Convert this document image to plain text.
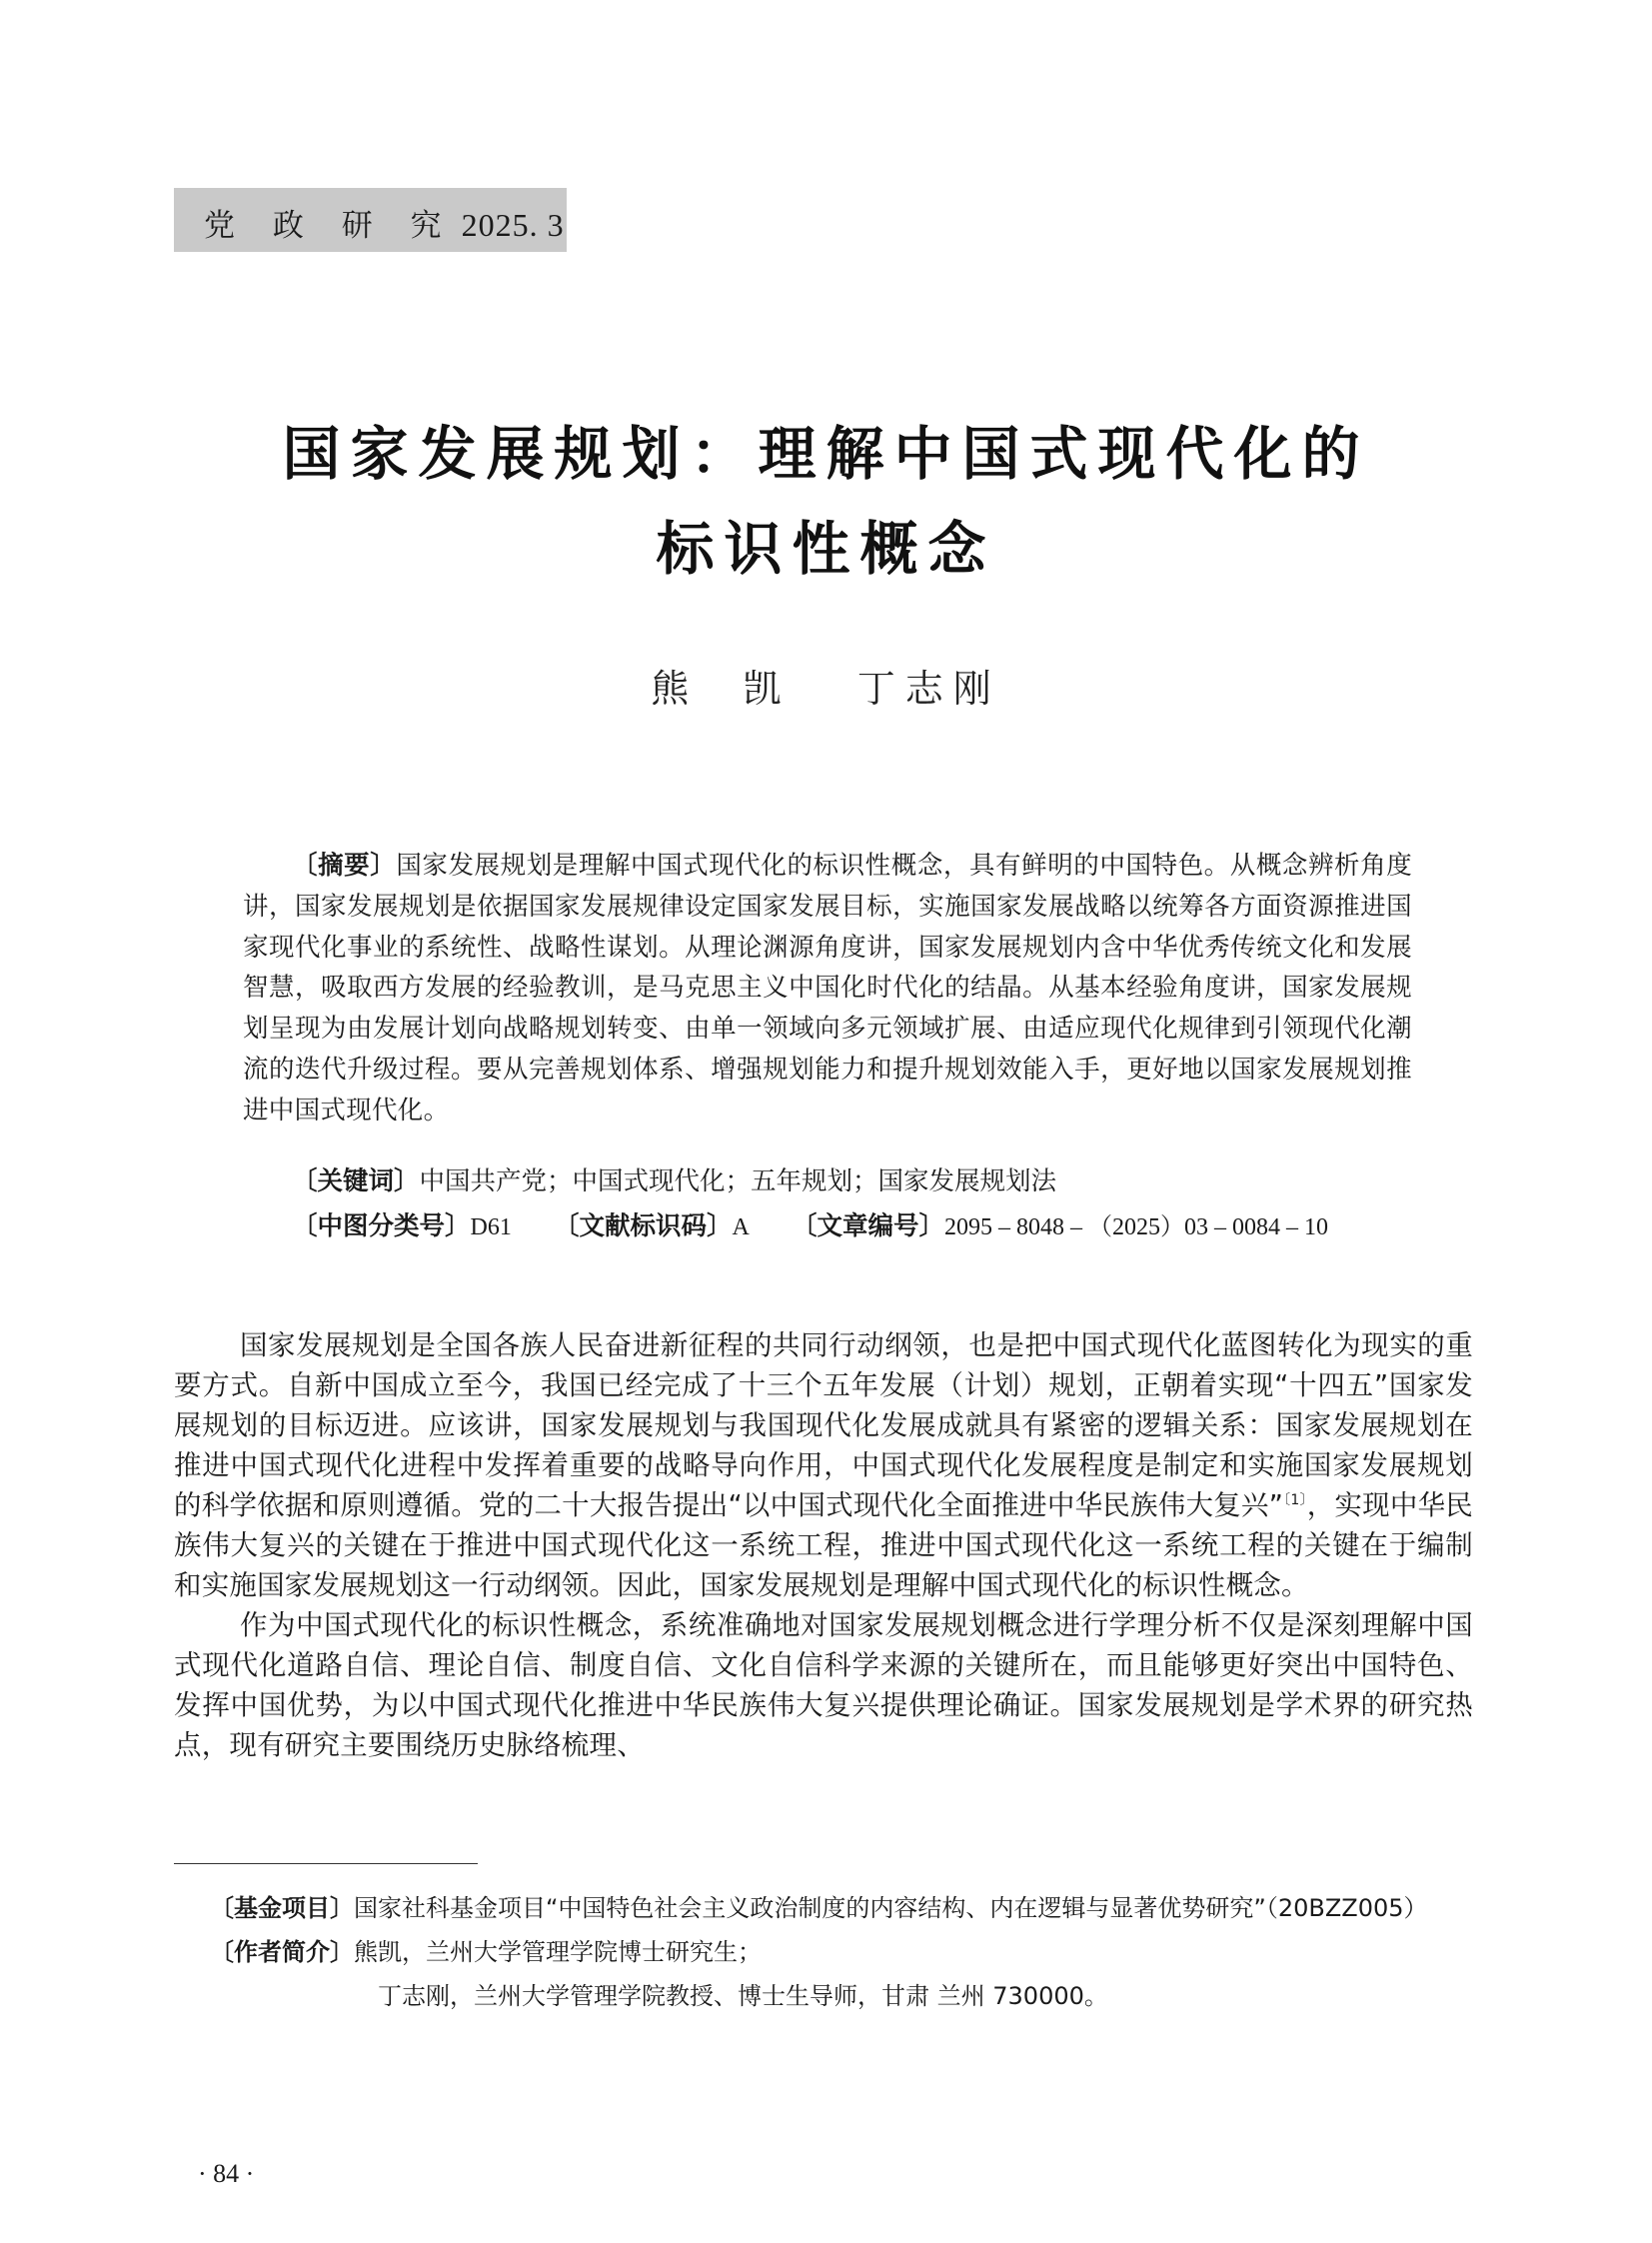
党 政 研 究 2025. 3
国家发展规划：理解中国式现代化的
标识性概念
熊  凯   丁志刚
〔摘要〕国家发展规划是理解中国式现代化的标识性概念，具有鲜明的中国特色。从概念辨析角度讲，国家发展规划是依据国家发展规律设定国家发展目标，实施国家发展战略以统筹各方面资源推进国家现代化事业的系统性、战略性谋划。从理论渊源角度讲，国家发展规划内含中华优秀传统文化和发展智慧，吸取西方发展的经验教训，是马克思主义中国化时代化的结晶。从基本经验角度讲，国家发展规划呈现为由发展计划向战略规划转变、由单一领域向多元领域扩展、由适应现代化规律到引领现代化潮流的迭代升级过程。要从完善规划体系、增强规划能力和提升规划效能入手，更好地以国家发展规划推进中国式现代化。
〔关键词〕中国共产党；中国式现代化；五年规划；国家发展规划法
〔中图分类号〕D61 〔文献标识码〕A 〔文章编号〕2095 – 8048 – （2025）03 – 0084 – 10

国家发展规划是全国各族人民奋进新征程的共同行动纲领，也是把中国式现代化蓝图转化为现实的重要方式。自新中国成立至今，我国已经完成了十三个五年发展（计划）规划，正朝着实现“十四五”国家发展规划的目标迈进。应该讲，国家发展规划与我国现代化发展成就具有紧密的逻辑关系：国家发展规划在推进中国式现代化进程中发挥着重要的战略导向作用，中国式现代化发展程度是制定和实施国家发展规划的科学依据和原则遵循。党的二十大报告提出“以中国式现代化全面推进中华民族伟大复兴”$^{〔1〕}$，实现中华民族伟大复兴的关键在于推进中国式现代化这一系统工程，推进中国式现代化这一系统工程的关键在于编制和实施国家发展规划这一行动纲领。因此，国家发展规划是理解中国式现代化的标识性概念。

作为中国式现代化的标识性概念，系统准确地对国家发展规划概念进行学理分析不仅是深刻理解中国式现代化道路自信、理论自信、制度自信、文化自信科学来源的关键所在，而且能够更好突出中国特色、发挥中国优势，为以中国式现代化推进中华民族伟大复兴提供理论确证。国家发展规划是学术界的研究热点，现有研究主要围绕历史脉络梳理、

〔基金项目〕 国家社科基金项目“中国特色社会主义政治制度的内容结构、内在逻辑与显著优势研究”（20BZZ005）
〔作者简介〕 熊凯，兰州大学管理学院博士研究生；
丁志刚，兰州大学管理学院教授、博士生导师，甘肃 兰州 730000。
· 84 ·
